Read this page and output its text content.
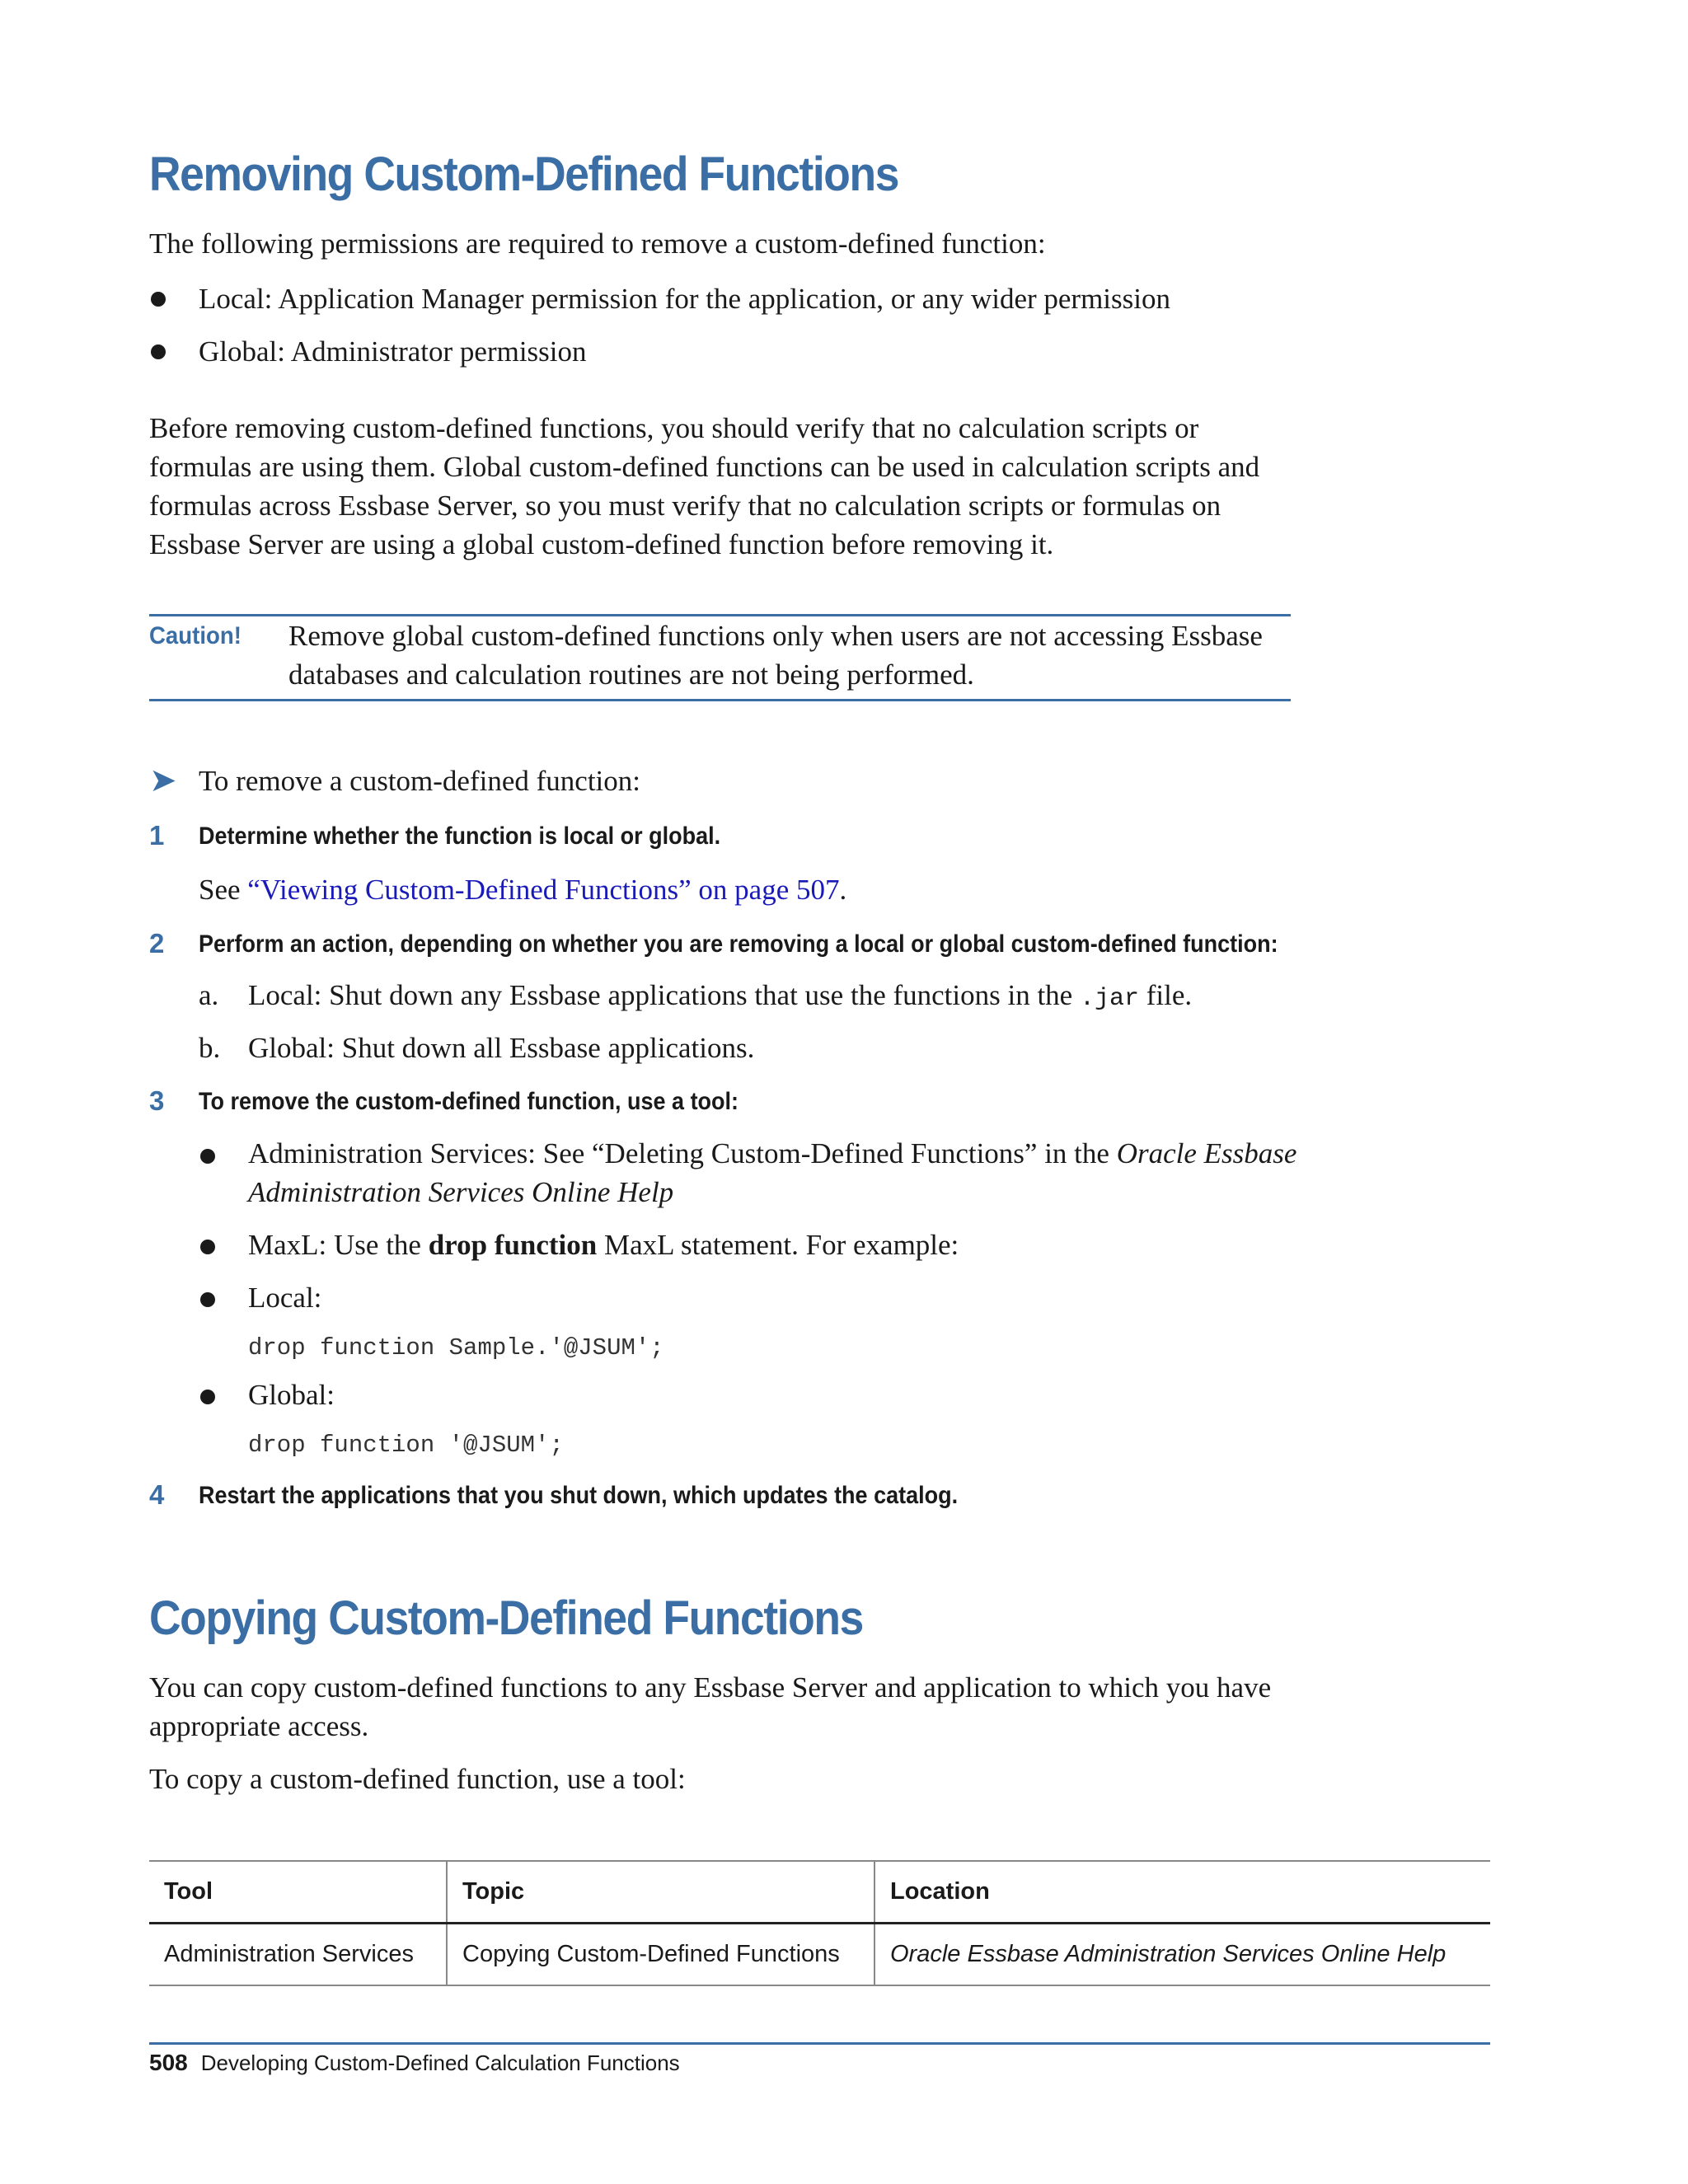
Removing Custom-Defined Functions

The following permissions are required to remove a custom-defined function:

Local: Application Manager permission for the application, or any wider permission

Global: Administrator permission

Before removing custom-defined functions, you should verify that no calculation scripts or formulas are using them. Global custom-defined functions can be used in calculation scripts and formulas across Essbase Server, so you must verify that no calculation scripts or formulas on Essbase Server are using a global custom-defined function before removing it.

Caution! Remove global custom-defined functions only when users are not accessing Essbase databases and calculation routines are not being performed.
➤ To remove a custom-defined function:

1 Determine whether the function is local or global.

See “Viewing Custom-Defined Functions” on page 507.

2 Perform an action, depending on whether you are removing a local or global custom-defined function:
a. Local: Shut down any Essbase applications that use the functions in the .jar file.

b. Global: Shut down all Essbase applications.

3 To remove the custom-defined function, use a tool:

Administration Services: See “Deleting Custom-Defined Functions” in the Oracle Essbase Administration Services Online Help

MaxL: Use the drop function MaxL statement. For example:

Local:

drop function Sample.'@JSUM';

Global:

drop function '@JSUM';
4 Restart the applications that you shut down, which updates the catalog.
Copying Custom-Defined Functions

You can copy custom-defined functions to any Essbase Server and application to which you have appropriate access.

To copy a custom-defined function, use a tool:

Tool	Topic	Location
Administration Services	Copying Custom-Defined Functions	Oracle Essbase Administration Services Online Help
508 Developing Custom-Defined Calculation Functions
